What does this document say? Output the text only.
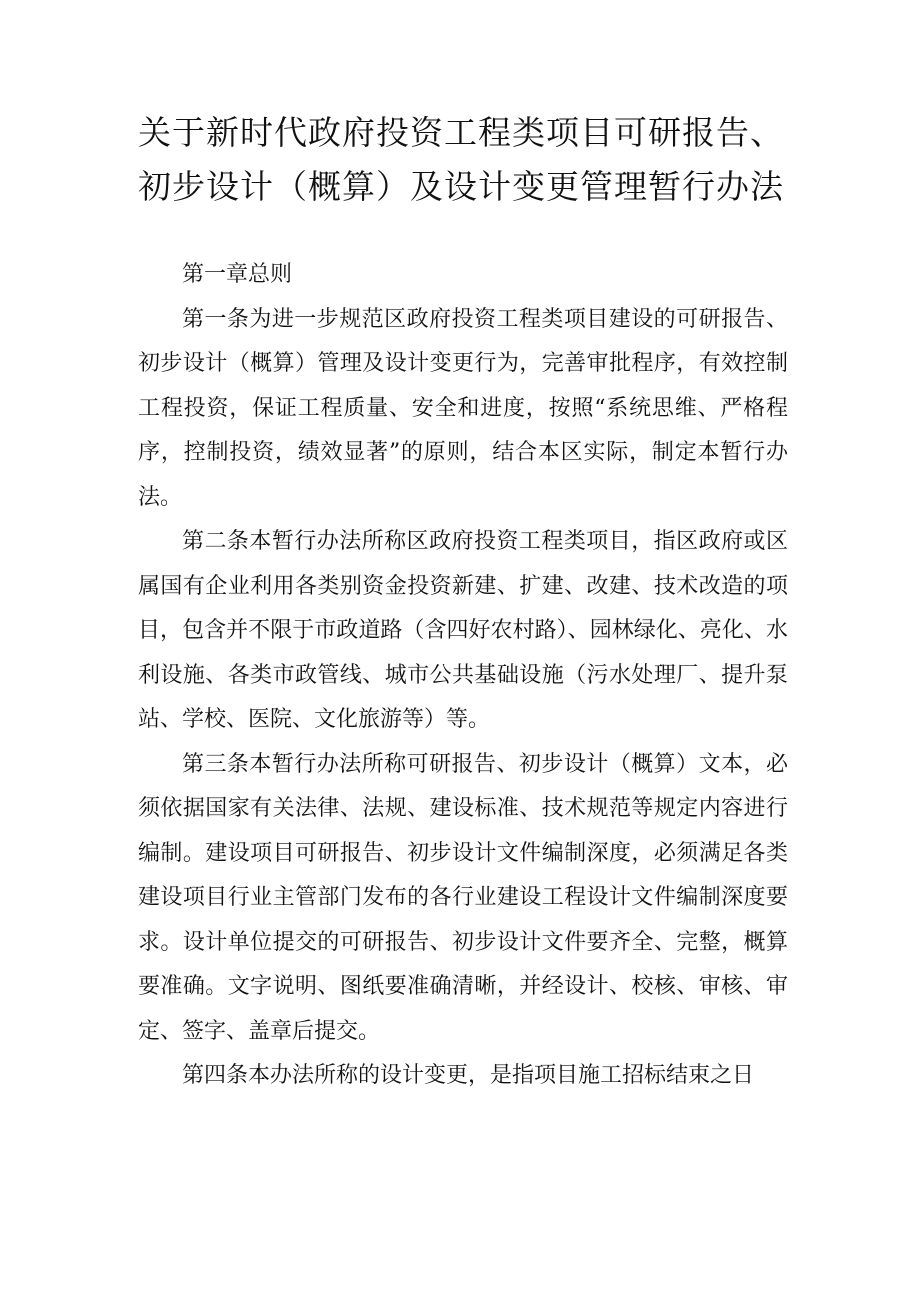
关于新时代政府投资工程类项目可研报告、
初步设计（概算）及设计变更管理暂行办法

第一章总则

第一条为进一步规范区政府投资工程类项目建设的可研报告、初步设计（概算）管理及设计变更行为，完善审批程序，有效控制工程投资，保证工程质量、安全和进度，按照“系统思维、严格程序，控制投资，绩效显著”的原则，结合本区实际，制定本暂行办法。

第二条本暂行办法所称区政府投资工程类项目，指区政府或区属国有企业利用各类别资金投资新建、扩建、改建、技术改造的项目，包含并不限于市政道路（含四好农村路）、园林绿化、亮化、水利设施、各类市政管线、城市公共基础设施（污水处理厂、提升泵站、学校、医院、文化旅游等）等。

第三条本暂行办法所称可研报告、初步设计（概算）文本，必须依据国家有关法律、法规、建设标准、技术规范等规定内容进行编制。建设项目可研报告、初步设计文件编制深度，必须满足各类建设项目行业主管部门发布的各行业建设工程设计文件编制深度要求。设计单位提交的可研报告、初步设计文件要齐全、完整，概算要准确。文字说明、图纸要准确清晰，并经设计、校核、审核、审定、签字、盖章后提交。

第四条本办法所称的设计变更，是指项目施工招标结束之日
